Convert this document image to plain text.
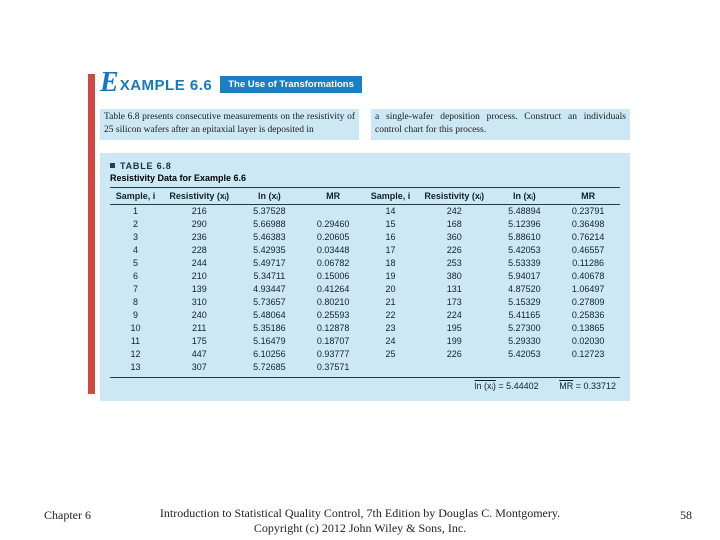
E XAMPLE 6.6	The Use of Transformations
Table 6.8 presents consecutive measurements on the resistivity of 25 silicon wafers after an epitaxial layer is deposited in
a single-wafer deposition process. Construct an individuals control chart for this process.
TABLE 6.8
Resistivity Data for Example 6.6
Sample, i	Resistivity (xᵢ)	ln (xᵢ)	MR	Sample, i	Resistivity (xᵢ)	ln (xᵢ)	MR
1	216	5.37528		14	242	5.48894	0.23791
2	290	5.66988	0.29460	15	168	5.12396	0.36498
3	236	5.46383	0.20605	16	360	5.88610	0.76214
4	228	5.42935	0.03448	17	226	5.42053	0.46557
5	244	5.49717	0.06782	18	253	5.53339	0.11286
6	210	5.34711	0.15006	19	380	5.94017	0.40678
7	139	4.93447	0.41264	20	131	4.87520	1.06497
8	310	5.73657	0.80210	21	173	5.15329	0.27809
9	240	5.48064	0.25593	22	224	5.41165	0.25836
10	211	5.35186	0.12878	23	195	5.27300	0.13865
11	175	5.16479	0.18707	24	199	5.29330	0.02030
12	447	6.10256	0.93777	25	226	5.42053	0.12723
13	307	5.72685	0.37571				
ln (xᵢ) = 5.44402 $\overline{MR} = 0.33712$
Chapter 6	Introduction to Statistical Quality Control, 7th Edition by Douglas C. Montgomery.
Copyright (c) 2012 John Wiley & Sons, Inc.
58
